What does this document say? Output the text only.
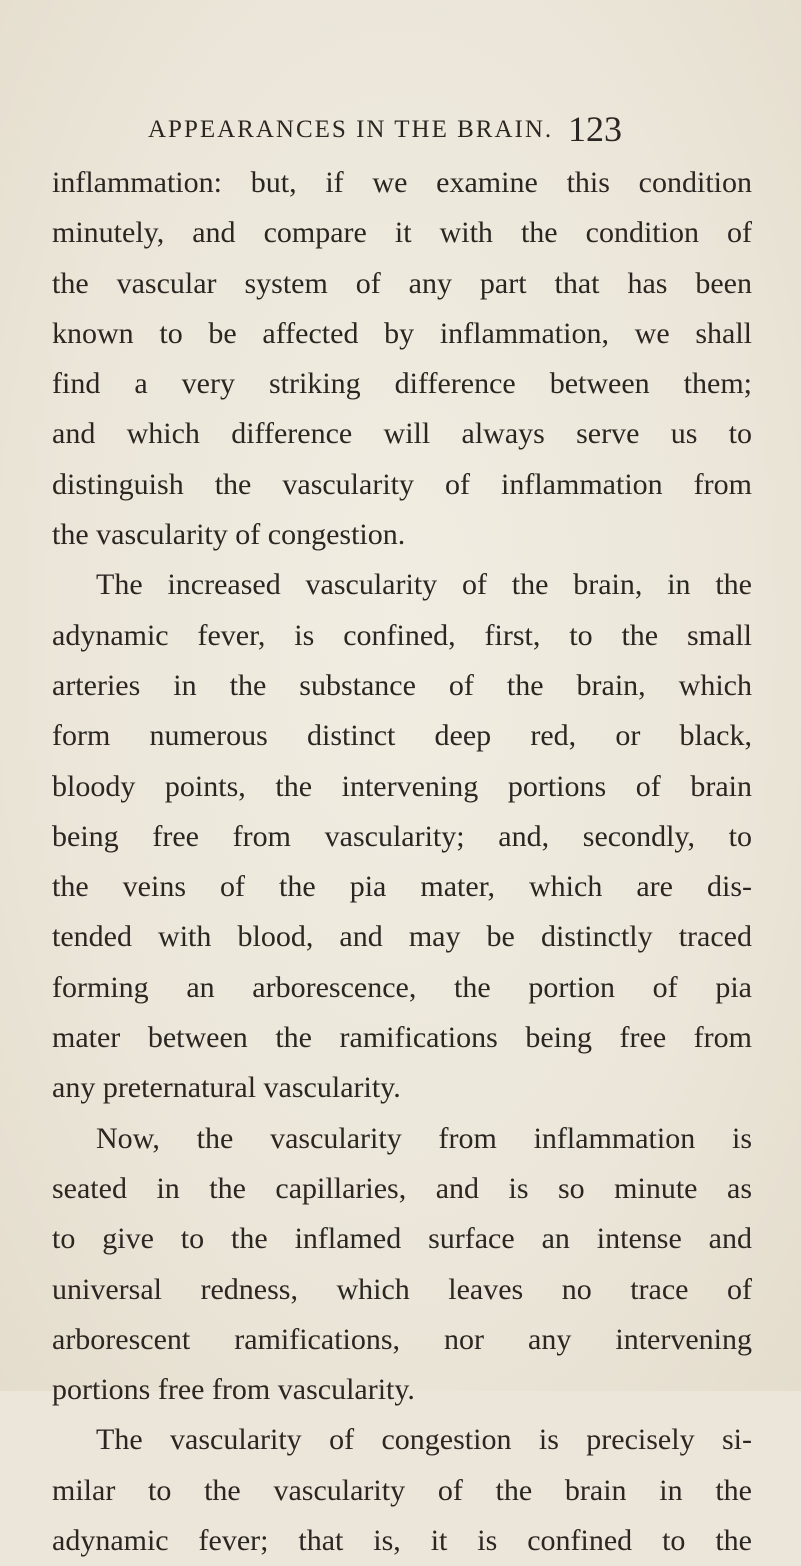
APPEARANCES IN THE BRAIN. 123
inflammation: but, if we examine this condition
minutely, and compare it with the condition of
the vascular system of any part that has been
known to be affected by inflammation, we shall
find a very striking difference between them;
and which difference will always serve us to
distinguish the vascularity of inflammation from
the vascularity of congestion.
The increased vascularity of the brain, in the
adynamic fever, is confined, first, to the small
arteries in the substance of the brain, which
form numerous distinct deep red, or black,
bloody points, the intervening portions of brain
being free from vascularity; and, secondly, to
the veins of the pia mater, which are dis-
tended with blood, and may be distinctly traced
forming an arborescence, the portion of pia
mater between the ramifications being free from
any preternatural vascularity.
Now, the vascularity from inflammation is
seated in the capillaries, and is so minute as
to give to the inflamed surface an intense and
universal redness, which leaves no trace of
arborescent ramifications, nor any intervening
portions free from vascularity.
The vascularity of congestion is precisely si-
milar to the vascularity of the brain in the
adynamic fever; that is, it is confined to the
